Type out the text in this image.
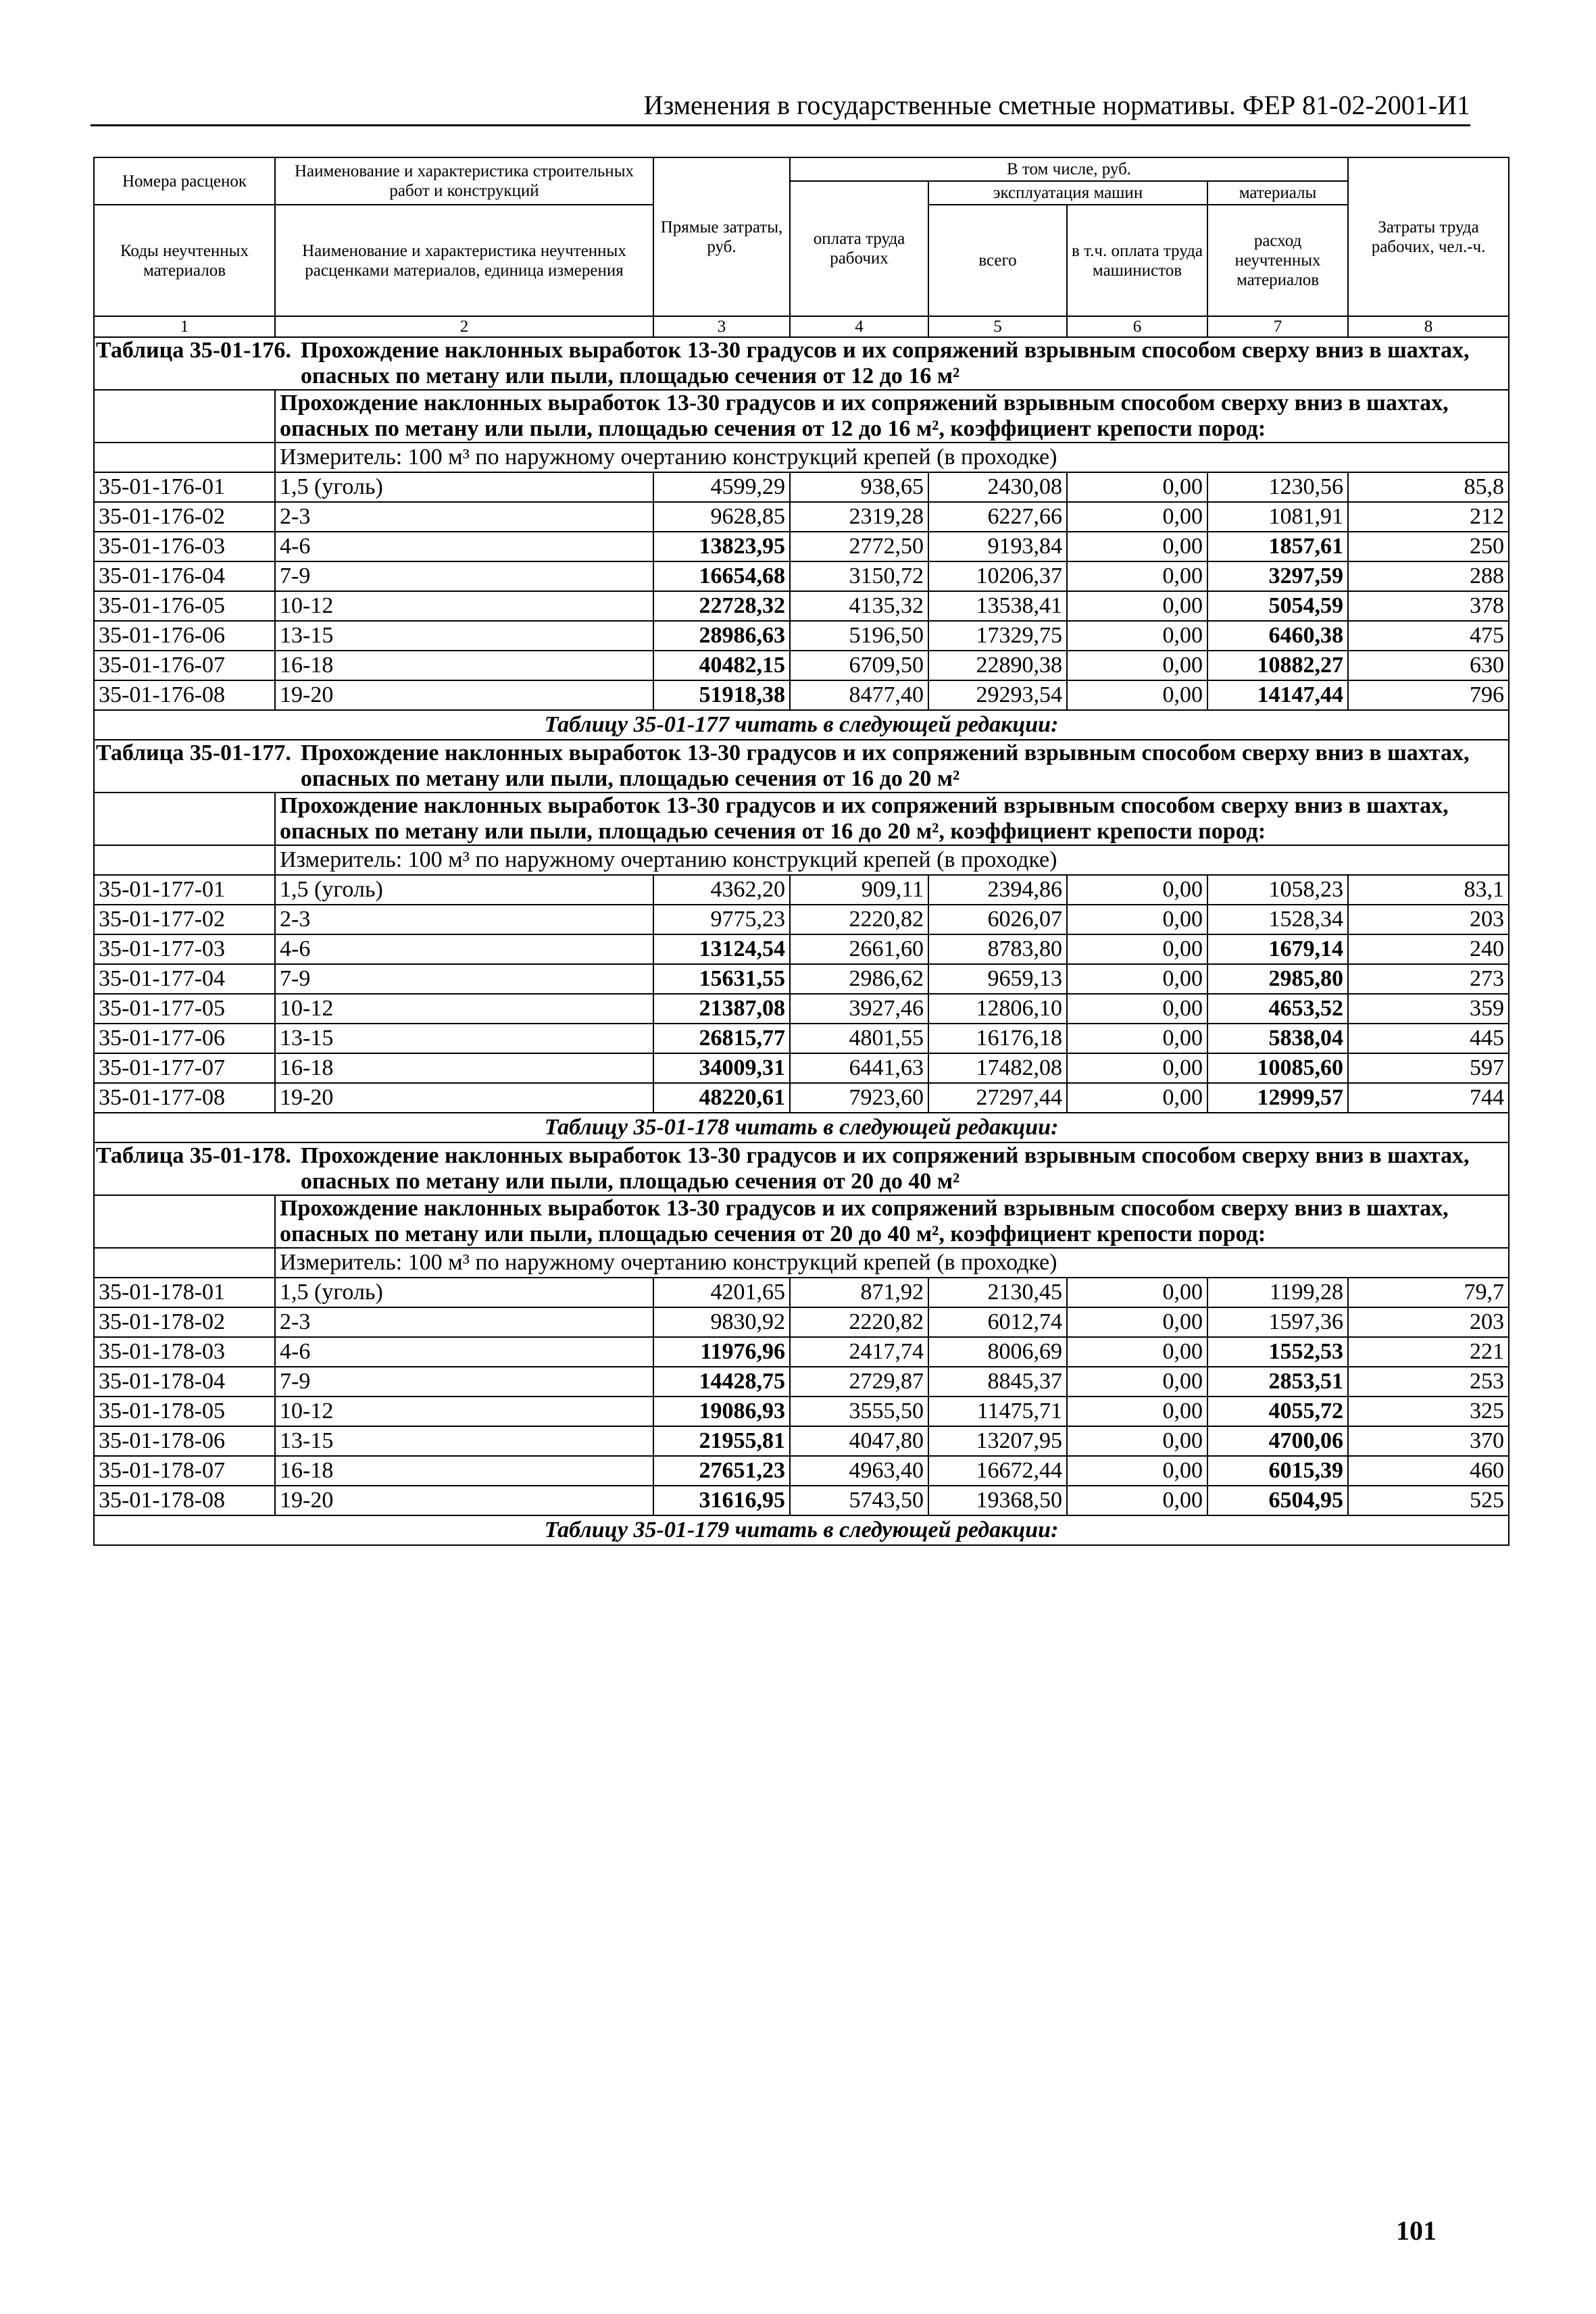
Изменения в государственные сметные нормативы. ФЕР 81-02-2001-И1
Номера расценок	Наименование и характеристика строительных работ и конструкций	Прямые затраты, руб.	В том числе, руб.				Затраты труда рабочих, чел.-ч.
			оплата труда рабочих	эксплуатация машин		материалы	
Коды неучтенных материалов	Наименование и характеристика неучтенных расценками материалов, единица измерения			всего	в т.ч. оплата труда машинистов	расход неучтенных материалов	

1	2	3	4	5	6	7	8
Таблица 35-01-176. Прохождение наклонных выработок 13-30 градусов и их сопряжений взрывным способом сверху вниз в шахтах, опасных по метану или пыли, площадью сечения от 12 до 16 м²							

	Прохождение наклонных выработок 13-30 градусов и их сопряжений взрывным способом сверху вниз в шахтах, опасных по метану или пыли, площадью сечения от 12 до 16 м², коэффициент крепости пород:						
	Измеритель: 100 м³ по наружному очертанию конструкций крепей (в проходке)						
35-01-176-01	1,5 (уголь)	4599,29	938,65	2430,08	0,00	1230,56	85,8
35-01-176-02	2-3	9628,85	2319,28	6227,66	0,00	1081,91	212
35-01-176-03	4-6	13823,95	2772,50	9193,84	0,00	1857,61	250
35-01-176-04	7-9	16654,68	3150,72	10206,37	0,00	3297,59	288
35-01-176-05	10-12	22728,32	4135,32	13538,41	0,00	5054,59	378
35-01-176-06	13-15	28986,63	5196,50	17329,75	0,00	6460,38	475
35-01-176-07	16-18	40482,15	6709,50	22890,38	0,00	10882,27	630
35-01-176-08	19-20	51918,38	8477,40	29293,54	0,00	14147,44	796
Таблицу 35-01-177 читать в следующей редакции:							

Таблица 35-01-177. Прохождение наклонных выработок 13-30 градусов и их сопряжений взрывным способом сверху вниз в шахтах, опасных по метану или пыли, площадью сечения от 16 до 20 м²							

	Прохождение наклонных выработок 13-30 градусов и их сопряжений взрывным способом сверху вниз в шахтах, опасных по метану или пыли, площадью сечения от 16 до 20 м², коэффициент крепости пород:						
	Измеритель: 100 м³ по наружному очертанию конструкций крепей (в проходке)						
35-01-177-01	1,5 (уголь)	4362,20	909,11	2394,86	0,00	1058,23	83,1
35-01-177-02	2-3	9775,23	2220,82	6026,07	0,00	1528,34	203
35-01-177-03	4-6	13124,54	2661,60	8783,80	0,00	1679,14	240
35-01-177-04	7-9	15631,55	2986,62	9659,13	0,00	2985,80	273
35-01-177-05	10-12	21387,08	3927,46	12806,10	0,00	4653,52	359
35-01-177-06	13-15	26815,77	4801,55	16176,18	0,00	5838,04	445
35-01-177-07	16-18	34009,31	6441,63	17482,08	0,00	10085,60	597
35-01-177-08	19-20	48220,61	7923,60	27297,44	0,00	12999,57	744
Таблицу 35-01-178 читать в следующей редакции:							

Таблица 35-01-178. Прохождение наклонных выработок 13-30 градусов и их сопряжений взрывным способом сверху вниз в шахтах, опасных по метану или пыли, площадью сечения от 20 до 40 м²							

	Прохождение наклонных выработок 13-30 градусов и их сопряжений взрывным способом сверху вниз в шахтах, опасных по метану или пыли, площадью сечения от 20 до 40 м², коэффициент крепости пород:						
	Измеритель: 100 м³ по наружному очертанию конструкций крепей (в проходке)						
35-01-178-01	1,5 (уголь)	4201,65	871,92	2130,45	0,00	1199,28	79,7
35-01-178-02	2-3	9830,92	2220,82	6012,74	0,00	1597,36	203
35-01-178-03	4-6	11976,96	2417,74	8006,69	0,00	1552,53	221
35-01-178-04	7-9	14428,75	2729,87	8845,37	0,00	2853,51	253
35-01-178-05	10-12	19086,93	3555,50	11475,71	0,00	4055,72	325
35-01-178-06	13-15	21955,81	4047,80	13207,95	0,00	4700,06	370
35-01-178-07	16-18	27651,23	4963,40	16672,44	0,00	6015,39	460
35-01-178-08	19-20	31616,95	5743,50	19368,50	0,00	6504,95	525
Таблицу 35-01-179 читать в следующей редакции:							
101
